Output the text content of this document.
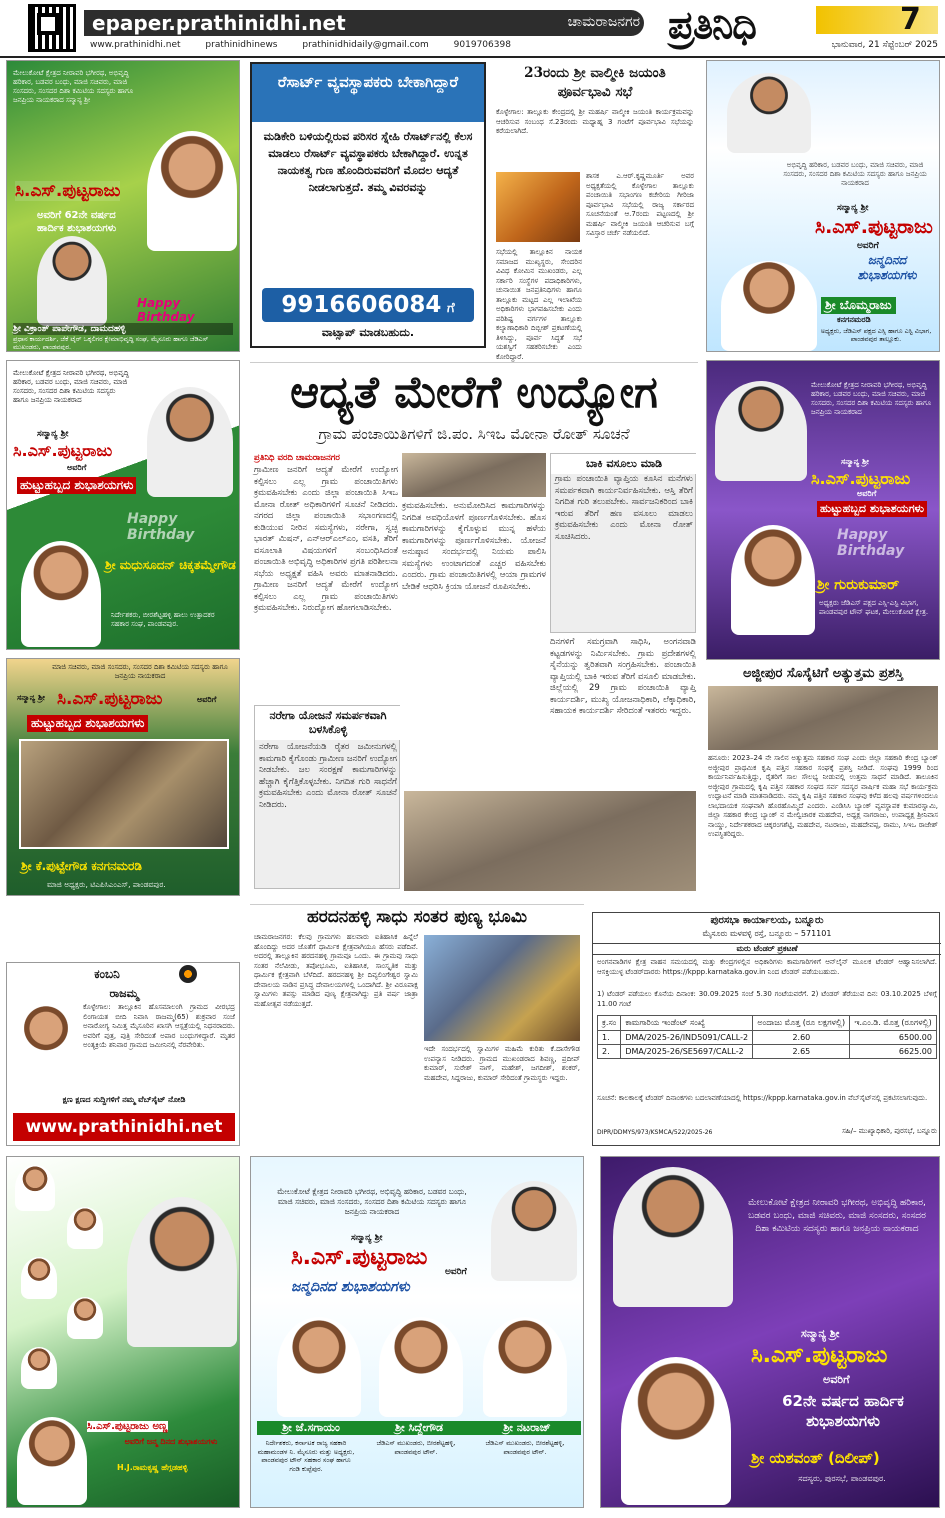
epaper.prathinidhi.net	ಚಾಮರಾಜನಗರ
www.prathinidhi.net	prathinidhinews	prathinidhidaily@gmail.com	9019706398	ಪ್ರತಿನಿಧಿ	7
ಭಾನುವಾರ, 21 ಸೆಪ್ಟೆಂಬರ್ 2025
ಮೇಲುಕೋಟೆ ಕ್ಷೇತ್ರದ ನೀರಾವರಿ ಭಗೀರಥ, ಅಭಿವೃದ್ಧಿ ಹರಿಕಾರ, ಬಡವರ ಬಂಧು, ಮಾಜಿ ಸಚಿವರು, ಮಾಜಿ ಸಂಸದರು, ಸಂಸದರ ದಿಶಾ ಕಮಿಟಿಯ ಸದಸ್ಯರು ಹಾಗೂ ಜನಪ್ರಿಯ ನಾಯಕರಾದ ಸನ್ಮಾನ್ಯ ಶ್ರೀ
ಸಿ.ಎಸ್.ಪುಟ್ಟರಾಜು
ಅವರಿಗೆ 62ನೇ ವರ್ಷದ ಹಾರ್ದಿಕ ಶುಭಾಶಯಗಳು
Happy Birthday
ಶ್ರೀ ವಿಕ್ರಾಂತ್ ಪಾಪೇಗೌಡ, ದಾಮದಹಳ್ಳಿ
ಪ್ರಧಾನ ಕಾರ್ಯದರ್ಶಿ, ಜೆಕೆ ಟೈರ್ ಒಕ್ಕಲಿಗರ ಕ್ಷೇಮಾಭಿವೃದ್ಧಿ ಸಂಘ, ಮೈಸೂರು ಹಾಗೂ ಜೆಡಿಎಸ್ ಮುಖಂಡರು, ಪಾಂಡವಪುರ.
ರೆಸಾರ್ಟ್ ವ್ಯವಸ್ಥಾಪಕರು ಬೇಕಾಗಿದ್ದಾರೆ
ಮಡಿಕೇರಿ ಬಳಿಯಲ್ಲಿರುವ ಪರಿಸರ ಸ್ನೇಹಿ ರೆಸಾರ್ಟ್‌ನಲ್ಲಿ ಕೆಲಸ ಮಾಡಲು ರೆಸಾರ್ಟ್ ವ್ಯವಸ್ಥಾಪಕರು ಬೇಕಾಗಿದ್ದಾರೆ. ಉನ್ನತ ನಾಯಕತ್ವ ಗುಣ ಹೊಂದಿರುವವರಿಗೆ ಮೊದಲ ಆದ್ಯತೆ ನೀಡಲಾಗುತ್ತದೆ. ತಮ್ಮ ವಿವರವನ್ನು
9916606084 ಗೆ
ವಾಟ್ಸಾಪ್ ಮಾಡಬಹುದು.
23ರಂದು ಶ್ರೀ ವಾಲ್ಮೀಕಿ ಜಯಂತಿ ಪೂರ್ವಭಾವಿ ಸಭೆ
ಕೊಳ್ಳೇಗಾಲ: ತಾಲ್ಲೂಕು ಕೇಂದ್ರದಲ್ಲಿ ಶ್ರೀ ಮಹರ್ಷಿ ವಾಲ್ಮೀಕಿ ಜಯಂತಿ ಕಾರ್ಯಕ್ರಮವನ್ನು ಆಚರಿಸುವ ಸಂಬಂಧ ಸೆ.23ರಂದು ಮಧ್ಯಾಹ್ನ 3 ಗಂಟೆಗೆ ಪೂರ್ವಭಾವಿ ಸಭೆಯನ್ನು ಕರೆಯಲಾಗಿದೆ.
ಶಾಸಕ ಎ.ಆರ್.ಕೃಷ್ಣಮೂರ್ತಿ ಅವರ ಅಧ್ಯಕ್ಷತೆಯಲ್ಲಿ ಕೊಳ್ಳೇಗಾಲ ತಾಲ್ಲೂಕು ಪಂಚಾಯಿತಿ ಸಭಾಂಗಣ ಕಚೇರಿಯ ಗೀರಿಜಾ ಪೂರ್ವಭಾವಿ ಸಭೆಯಲ್ಲಿ ರಾಜ್ಯ ಸರ್ಕಾರದ ಸೂಚನೆಯಂತೆ ಆ.7ರಂದು ಪಟ್ಟಣದಲ್ಲಿ ಶ್ರೀ ಮಹರ್ಷಿ ವಾಲ್ಮೀಕಿ ಜಯಂತಿ ಆಚರಿಸುವ ಬಗ್ಗೆ ಸವಿಸ್ತಾರ ಚರ್ಚೆ ನಡೆಯಲಿದೆ.
ಸಭೆಯಲ್ಲಿ ತಾಲ್ಲೂಕಿನ ನಾಯಕ ಸಮಾಜದ ಮುಖ್ಯಸ್ಥರು, ಸೇಂದರಿನ ವಿವಿಧ ಕೋಮಿನ ಮುಖಂಡರು, ಎಲ್ಲ ಸರ್ಕಾರಿ ಸಂಸ್ಥೆಗಳ ಪದಾಧಿಕಾರಿಗಳು, ಚುನಾಯಿತ ಜನಪ್ರತಿನಿಧಿಗಳು ಹಾಗೂ ತಾಲ್ಲೂಕು ಮಟ್ಟದ ಎಲ್ಲ ಇಲಾಖೆಯ ಅಧಿಕಾರಿಗಳು ಭಾಗವಹಿಸಬೇಕು ಎಂದು ಪರಿಶಿಷ್ಟ ವರ್ಗಗಳ ತಾಲ್ಲೂಕು ಕಲ್ಯಾಣಾಧಿಕಾರಿ ದಿಬ್ಬೀಶ್ ಪ್ರಕಟಣೆಯಲ್ಲಿ ತಿಳಿಸಿದ್ದು, ಪೂರ್ವ ಸಿದ್ಧತೆ ಸಭೆ ಯಶಸ್ವಿಗೆ ಸಹಕರಿಸಬೇಕು ಎಂದು ಕೋರಿದ್ದಾರೆ.
ಅಭಿವೃದ್ಧಿ ಹರಿಕಾರ, ಬಡವರ ಬಂಧು, ಮಾಜಿ ಸಚಿವರು, ಮಾಜಿ ಸಂಸದರು, ಸಂಸದರ ದಿಶಾ ಕಮಿಟಿಯ ಸದಸ್ಯರು ಹಾಗೂ ಜನಪ್ರಿಯ ನಾಯಕರಾದ
ಸನ್ಮಾನ್ಯ ಶ್ರೀ
ಸಿ.ಎಸ್.ಪುಟ್ಟರಾಜು
ಅವರಿಗೆ
ಜನ್ಮದಿನದ ಶುಭಾಶಯಗಳು
ಶ್ರೀ ಬೊಮ್ಮರಾಜು
ಕನಗನಮರಡಿ
ಅಧ್ಯಕ್ಷರು, ಜೆಡಿಎಸ್ ಪಕ್ಷದ ಎಸ್ಸಿ ಹಾಗೂ ಎಸ್ಟಿ ವಿಭಾಗ, ಪಾಂಡವಪುರ ತಾಲ್ಲೂಕು.
ಮೇಲುಕೋಟೆ ಕ್ಷೇತ್ರದ ನೀರಾವರಿ ಭಗೀರಥ, ಅಭಿವೃದ್ಧಿ ಹರಿಕಾರ, ಬಡವರ ಬಂಧು, ಮಾಜಿ ಸಚಿವರು, ಮಾಜಿ ಸಂಸದರು, ಸಂಸದರ ದಿಶಾ ಕಮಿಟಿಯ ಸದಸ್ಯರು ಹಾಗೂ ಜನಪ್ರಿಯ ನಾಯಕರಾದ
ಸನ್ಮಾನ್ಯ ಶ್ರೀ
ಸಿ.ಎಸ್.ಪುಟ್ಟರಾಜು
ಅವರಿಗೆ
ಹುಟ್ಟುಹಬ್ಬದ ಶುಭಾಶಯಗಳು
Happy Birthday
ಶ್ರೀ ಮಧುಸೂದನ್ ಚಿಕ್ಕತಮ್ಮೇಗೌಡ
ನಿರ್ದೇಶಕರು, ಬೀರಶೆಟ್ಟಹಳ್ಳಿ ಹಾಲು ಉತ್ಪಾದಕರ ಸಹಕಾರ ಸಂಘ, ಪಾಂಡವಪುರ.
ಆದ್ಯತೆ ಮೇರೆಗೆ ಉದ್ಯೋಗ
ಗ್ರಾಮ ಪಂಚಾಯಿತಿಗಳಿಗೆ ಜಿ.ಪಂ. ಸಿಇಒ ಮೋನಾ ರೋತ್ ಸೂಚನೆ
ಪ್ರತಿನಿಧಿ ವರದಿ ಚಾಮರಾಜನಗರ
ಗ್ರಾಮೀಣ ಜನರಿಗೆ ಆದ್ಯತೆ ಮೇರೆಗೆ ಉದ್ಯೋಗ ಕಲ್ಪಿಸಲು ಎಲ್ಲ ಗ್ರಾಮ ಪಂಚಾಯಿತಿಗಳು ಕ್ರಮವಹಿಸಬೇಕು ಎಂದು ಜಿಲ್ಲಾ ಪಂಚಾಯಿತಿ ಸಿಇಒ ಮೋನಾ ರೋತ್ ಅಧಿಕಾರಿಗಳಿಗೆ ಸೂಚನೆ ನೀಡಿದರು. ನಗರದ ಜಿಲ್ಲಾ ಪಂಚಾಯಿತಿ ಸಭಾಂಗಣದಲ್ಲಿ ಕುಡಿಯುವ ನೀರಿನ ಸಮಸ್ಯೆಗಳು, ನರೇಗಾ, ಸ್ವಚ್ಛ ಭಾರತ್ ಮಿಷನ್, ಎನ್‌ಆರ್‌ಎಲ್‌ಎಂ, ವಸತಿ, ತೆರಿಗೆ ವಸೂಲಾತಿ ವಿಷಯಗಳಿಗೆ ಸಂಬಂಧಿಸಿದಂತೆ ಪಂಚಾಯಿತಿ ಅಭಿವೃದ್ಧಿ ಅಧಿಕಾರಿಗಳ ಪ್ರಗತಿ ಪರಿಶೀಲನಾ ಸಭೆಯ ಅಧ್ಯಕ್ಷತೆ ವಹಿಸಿ ಅವರು ಮಾತನಾಡಿದರು. ಗ್ರಾಮೀಣ ಜನರಿಗೆ ಆದ್ಯತೆ ಮೇರೆಗೆ ಉದ್ಯೋಗ ಕಲ್ಪಿಸಲು ಎಲ್ಲ ಗ್ರಾಮ ಪಂಚಾಯಿತಿಗಳು ಕ್ರಮವಹಿಸಬೇಕು. ನಿರುದ್ಯೋಗ ಹೋಗಲಾಡಿಸಬೇಕು.
ಕ್ರಮವಹಿಸಬೇಕು. ಅನುಮೋದಿಸಿದ ಕಾಮಗಾರಿಗಳನ್ನು ನಿಗದಿತ ಅವಧಿಯೊಳಗೆ ಪೂರ್ಣಗೊಳಿಸಬೇಕು. ಹೊಸ ಕಾಮಗಾರಿಗಳನ್ನು ಕೈಗೊಳ್ಳುವ ಮುನ್ನ ಹಳೆಯ ಕಾಮಗಾರಿಗಳನ್ನು ಪೂರ್ಣಗೊಳಿಸಬೇಕು. ಯೋಜನೆ ಅನುಷ್ಠಾನ ಸಂದರ್ಭದಲ್ಲಿ ನಿಯಮ ಪಾಲಿಸಿ ಸಮಸ್ಯೆಗಳು ಉಂಟಾಗದಂತೆ ಎಚ್ಚರ ವಹಿಸಬೇಕು ಎಂದರು. ಗ್ರಾಮ ಪಂಚಾಯಿತಿಗಳಲ್ಲಿ ಆಯಾ ಗ್ರಾಮಗಳ ಬೇಡಿಕೆ ಆಧರಿಸಿ ಕ್ರಿಯಾ ಯೋಜನೆ ರೂಪಿಸಬೇಕು.
ಬಾಕಿ ವಸೂಲು ಮಾಡಿ
ಗ್ರಾಮ ಪಂಚಾಯಿತಿ ವ್ಯಾಪ್ತಿಯ ಕೂಸಿನ ಮನೆಗಳು ಸಮರ್ಪಕವಾಗಿ ಕಾರ್ಯನಿರ್ವಹಿಸಬೇಕು. ಆಸ್ತಿ ತೆರಿಗೆ ನಿಗದಿತ ಗುರಿ ತಲುಪಬೇಕು. ಸಾರ್ವಜನಿಕರಿಂದ ಬಾಕಿ ಇರುವ ತೆರಿಗೆ ಹಣ ವಸೂಲು ಮಾಡಲು ಕ್ರಮವಹಿಸಬೇಕು ಎಂದು ಮೋನಾ ರೋತ್ ಸೂಚಿಸಿದರು.
ದಿನಗಳಿಗೆ ಸಮಗ್ರವಾಗಿ ಸಾಧಿಸಿ, ಅಂಗನವಾಡಿ ಕಟ್ಟಡಗಳನ್ನು ನಿರ್ಮಿಸಬೇಕು. ಗ್ರಾಮ ಪ್ರದೇಶಗಳಲ್ಲಿ ಸೈನೆಯನ್ನು ತ್ವರಿತವಾಗಿ ಸಂಗ್ರಹಿಸಬೇಕು. ಪಂಚಾಯಿತಿ ವ್ಯಾಪ್ತಿಯಲ್ಲಿ ಬಾಕಿ ಇರುವ ತೆರಿಗೆ ವಸೂಲಿ ಮಾಡಬೇಕು. ಜಿಲ್ಲೆಯಲ್ಲಿ 29 ಗ್ರಾಮ ಪಂಚಾಯಿತಿ ವ್ಯಾಪ್ತಿ ಕಾರ್ಯದರ್ಶಿ, ಮುಖ್ಯ ಯೋಜನಾಧಿಕಾರಿ, ಲೆಕ್ಕಾಧಿಕಾರಿ, ಸಹಾಯಕ ಕಾರ್ಯದರ್ಶಿ ಸೇರಿದಂತೆ ಇತರರು ಇದ್ದರು.
ನರೇಗಾ ಯೋಜನೆ ಸಮರ್ಪಕವಾಗಿ ಬಳಸಿಕೊಳ್ಳಿ
ನರೇಗಾ ಯೋಜನೆಯಡಿ ರೈತರ ಜಮೀನುಗಳಲ್ಲಿ ಕಾಮಗಾರಿ ಕೈಗೊಂಡು ಗ್ರಾಮೀಣ ಜನರಿಗೆ ಉದ್ಯೋಗ ನೀಡಬೇಕು. ಜಲ ಸಂರಕ್ಷಣೆ ಕಾಮಗಾರಿಗಳನ್ನು ಹೆಚ್ಚಾಗಿ ಕೈಗೆತ್ತಿಕೊಳ್ಳಬೇಕು. ನಿಗದಿತ ಗುರಿ ಸಾಧನೆಗೆ ಕ್ರಮವಹಿಸಬೇಕು ಎಂದು ಮೋನಾ ರೋತ್ ಸೂಚನೆ ನೀಡಿದರು.
ಮೇಲುಕೋಟೆ ಕ್ಷೇತ್ರದ ನೀರಾವರಿ ಭಗೀರಥ, ಅಭಿವೃದ್ಧಿ ಹರಿಕಾರ, ಬಡವರ ಬಂಧು, ಮಾಜಿ ಸಚಿವರು, ಮಾಜಿ ಸಂಸದರು, ಸಂಸದರ ದಿಶಾ ಕಮಿಟಿಯ ಸದಸ್ಯರು ಹಾಗೂ ಜನಪ್ರಿಯ ನಾಯಕರಾದ
ಸನ್ಮಾನ್ಯ ಶ್ರೀ
ಸಿ.ಎಸ್.ಪುಟ್ಟರಾಜು
ಅವರಿಗೆ
ಹುಟ್ಟುಹಬ್ಬದ ಶುಭಾಶಯಗಳು
Happy Birthday
ಶ್ರೀ ಗುರುಕುಮಾರ್
ಅಧ್ಯಕ್ಷರು ಜೆಡಿಎಸ್ ಪಕ್ಷದ ಎಸ್ಸಿ-ಎಸ್ಟಿ ವಿಭಾಗ, ಪಾಂಡವಪುರ ಟೌನ್ ಘಟಕ, ಮೇಲುಕೋಟೆ ಕ್ಷೇತ್ರ.
ಮಾಜಿ ಸಚಿವರು, ಮಾಜಿ ಸಂಸದರು, ಸಂಸದರ ದಿಶಾ ಕಮಿಟಿಯ ಸದಸ್ಯರು ಹಾಗೂ ಜನಪ್ರಿಯ ನಾಯಕರಾದ
ಸನ್ಮಾನ್ಯ ಶ್ರೀ ಸಿ.ಎಸ್.ಪುಟ್ಟರಾಜು	ಅವರಿಗೆ
ಹುಟ್ಟುಹಬ್ಬದ ಶುಭಾಶಯಗಳು
ಶ್ರೀ ಕೆ.ಪುಟ್ಟೇಗೌಡ ಕನಗನಮರಡಿ
ಮಾಜಿ ಅಧ್ಯಕ್ಷರು, ಟಿಎಪಿಸಿಎಂಎಸ್, ಪಾಂಡವಪುರ.
ಅಜ್ಜೀಪುರ ಸೊಸೈಟಿಗೆ ಅತ್ಯುತ್ತಮ ಪ್ರಶಸ್ತಿ
ಹನೂರು: 2023–24 ನೇ ಸಾಲಿನ ಅತ್ಯುತ್ತಮ ಸಹಕಾರ ಸಂಘ ಎಂದು ಜಿಲ್ಲಾ ಸಹಕಾರಿ ಕೇಂದ್ರ ಬ್ಯಾಂಕ್ ಅಜ್ಜೀಪುರ ಪ್ರಾಥಮಿಕ ಕೃಷಿ ಪತ್ತಿನ ಸಹಕಾರ ಸಂಘಕ್ಕೆ ಪ್ರಶಸ್ತಿ ನೀಡಿದೆ. ಸಂಘವು 1999 ರಿಂದ ಕಾರ್ಯನಿರ್ವಹಿಸುತ್ತಿದ್ದು, ರೈತರಿಗೆ ಸಾಲ ಸೌಲಭ್ಯ ನೀಡುವಲ್ಲಿ ಉತ್ತಮ ಸಾಧನೆ ಮಾಡಿದೆ. ತಾಲೂಕಿನ ಅಜ್ಜೀಪುರ ಗ್ರಾಮದಲ್ಲಿ ಕೃಷಿ ಪತ್ತಿನ ಸಹಕಾರ ಸಂಘದ ಸರ್ವ ಸದಸ್ಯರ ವಾರ್ಷಿಕ ಮಹಾ ಸಭೆ ಕಾರ್ಯಕ್ರಮ ಉದ್ಘಾಟನೆ ಮಾಡಿ ಮಾತನಾಡಿದರು. ನಮ್ಮ ಕೃಷಿ ಪತ್ತಿನ ಸಹಕಾರ ಸಂಘವು ಕಳೆದ ಹಲವು ವರ್ಷಗಳಿಂದಲೂ ಲಾಭದಾಯಕ ಸಂಘವಾಗಿ ಹೊರಹೊಮ್ಮಿದೆ ಎಂದರು. ಎಂಡಿಸಿಸಿ ಬ್ಯಾಂಕ್ ವ್ಯವಸ್ಥಾಪಕ ಕುಮಾರಸ್ವಾಮಿ, ಜಿಲ್ಲಾ ಸಹಕಾರ ಕೇಂದ್ರ ಬ್ಯಾಂಕ್ ನ ಮೇಲ್ವಿಚಾರಕ ಮಹದೇವ, ಅಧ್ಯಕ್ಷ ನಾಗರಾಜು, ಉಪಾಧ್ಯಕ್ಷ ಶ್ರೀನಿವಾಸ ನಾಯ್ಡು, ನಿರ್ದೇಶಕರಾದ ಚಿಕ್ಕರಂಗಶೆಟ್ಟಿ, ಮಹದೇವ, ನಟರಾಜು, ಮಹದೇವಪ್ಪ, ರಾಮು, ಸಿಇಒ ರಾಜೇಶ್ ಉಪಸ್ಥಿತರಿದ್ದರು.
ಹರದನಹಳ್ಳಿ ಸಾಧು ಸಂತರ ಪುಣ್ಯ ಭೂಮಿ
ಚಾಮರಾಜನಗರ: ಕೆಲವು ಗ್ರಾಮಗಳು ಹಲವಾರು ಐತಿಹಾಸಿಕ ಹಿನ್ನೆಲೆ ಹೊಂದಿದ್ದು ಅದರ ಜೊತೆಗೆ ಧಾರ್ಮಿಕ ಕ್ಷೇತ್ರವಾಗಿಯೂ ಹೆಸರು ಪಡೆದಿವೆ. ಅದರಲ್ಲಿ ತಾಲ್ಲೂಕಿನ ಹರದನಹಳ್ಳಿ ಗ್ರಾಮವೂ ಒಂದು. ಈ ಗ್ರಾಮವು ಸಾಧು ಸಂತರ ನೆಲೆವೀಡು, ತಪೋಭೂಮಿ, ಐತಿಹಾಸಿಕ, ಸಾಂಸ್ಕೃತಿಕ ಮತ್ತು ಧಾರ್ಮಿಕ ಕ್ಷೇತ್ರವಾಗಿ ಬೆಳೆದಿದೆ. ಹರದನಹಳ್ಳಿ ಶ್ರೀ ದಿವ್ಯಲಿಂಗೇಶ್ವರ ಸ್ವಾಮಿ ದೇವಾಲಯ ನಾಡಿನ ಪ್ರಸಿದ್ಧ ದೇವಾಲಯಗಳಲ್ಲಿ ಒಂದಾಗಿದೆ. ಶ್ರೀ ವಿರೂಪಾಕ್ಷ ಸ್ವಾಮಿಗಳು ತಪಸ್ಸು ಮಾಡಿದ ಪುಣ್ಯ ಕ್ಷೇತ್ರವಾಗಿದ್ದು ಪ್ರತಿ ವರ್ಷ ಜಾತ್ರಾ ಮಹೋತ್ಸವ ನಡೆಯುತ್ತದೆ.
ಇದೇ ಸಂದರ್ಭದಲ್ಲಿ ಸ್ವಾಮಿಗಳ ಮಹಿಮೆ ಕುರಿತು ಕೆ.ದಾಸೇಗೌಡ ಉಪನ್ಯಾಸ ನೀಡಿದರು. ಗ್ರಾಮದ ಮುಖಂಡರಾದ ಶಿವಣ್ಣ, ಪ್ರದೀಪ್ ಕುಮಾರ್, ಸುರೇಶ್ ನಾಗ್, ಮಹೇಶ್, ಜಗದೀಶ್, ಶಂಕರ್, ಮಹದೇವ, ಸಿದ್ದರಾಜು, ಕುಮಾರ್ ಸೇರಿದಂತೆ ಗ್ರಾಮಸ್ಥರು ಇದ್ದರು.
ಕಂಬನಿ
ರಾಜಮ್ಮ
ಕೊಳ್ಳೇಗಾಲ: ತಾಲ್ಲೂಕಿನ ಹೊಸಮಾಲಂಗಿ ಗ್ರಾಮದ ವೀರಭದ್ರ ಲಿಂಗಾಯತ ಬೀದಿ ನಿವಾಸಿ ರಾಜಮ್ಮ(65) ಶುಕ್ರವಾರ ಸಂಜೆ ಅನಾರೋಗ್ಯ ನಿಮಿತ್ತ ಮೈಸೂರಿನ ಖಾಸಗಿ ಆಸ್ಪತ್ರೆಯಲ್ಲಿ ನಿಧನರಾದರು. ಅವರಿಗೆ ಪುತ್ರ, ಪುತ್ರಿ ಸೇರಿದಂತೆ ಅಪಾರ ಬಂಧುಗಳಿದ್ದಾರೆ. ಮೃತರ ಅಂತ್ಯಕ್ರಿಯೆ ಶನಿವಾರ ಗ್ರಾಮದ ಜಮೀನಿನಲ್ಲಿ ನೆರವೇರಿತು.
ಕ್ಷಣ ಕ್ಷಣದ ಸುದ್ದಿಗಳಿಗೆ ನಮ್ಮ ವೆಬ್‌ಸೈಟ್ ನೋಡಿ
www.prathinidhi.net
ಪುರಸಭಾ ಕಾರ್ಯಾಲಯ, ಬನ್ನೂರು
ಮೈಸೂರು ಮಳವಳ್ಳಿ ರಸ್ತೆ, ಬನ್ನೂರು – 571101
ಮರು ಟೆಂಡರ್ ಪ್ರಕಟಣೆ
ಅಂಗನವಾಡಿಗಳ ಕ್ಷೇತ್ರ ವಾಹನ ಸಮಯದಲ್ಲಿ ಮತ್ತು ಕೇಂದ್ರಗಳಲ್ಲಿನ ಅಧಿಕಾರಿಗಳು ಕಾಮಗಾರಿಗಳಿಗೆ ಆನ್‌ಲೈನ್ ಮೂಲಕ ಟೆಂಡರ್ ಆಹ್ವಾನಿಸಲಾಗಿದೆ. ಆಸಕ್ತಿಯುಳ್ಳ ಟೆಂಡರ್‌ದಾರರು https://kppp.karnataka.gov.in ನಿಂದ ಟೆಂಡರ್ ಪಡೆಯಬಹುದು.
1) ಟೆಂಡರ್ ಪಡೆಯಲು ಕೊನೆಯ ದಿನಾಂಕ: 30.09.2025 ಸಂಜೆ 5.30 ಗಂಟೆಯವರೆಗೆ. 2) ಟೆಂಡರ್ ತೆರೆಯುವ ದಿನ: 03.10.2025 ಬೆಳಿಗ್ಗೆ 11.00 ಗಂಟೆ
ಕ್ರ.ಸಂ	ಕಾಮಗಾರಿಯ ಇಂಡೆಂಟ್ ಸಂಖ್ಯೆ	ಅಂದಾಜು ಮೊತ್ತ (ರೂ ಲಕ್ಷಗಳಲ್ಲಿ)	ಇ.ಎಂ.ಡಿ. ಮೊತ್ತ (ರೂಗಳಲ್ಲಿ)
1.	DMA/2025-26/IND5091/CALL-2	2.60	6500.00
2.	DMA/2025-26/SE5697/CALL-2	2.65	6625.00
ಸೂಚನೆ: ಕಾಲಕಾಲಕ್ಕೆ ಟೆಂಡರ್ ದಿನಾಂಕಗಳು ಬದಲಾವಣೆಯಾದಲ್ಲಿ https://kppp.karnataka.gov.in ವೆಬ್‌ಸೈಟ್‌ನಲ್ಲಿ ಪ್ರಕಟಿಸಲಾಗುವುದು.
DIPR/DDMYS/973/KSMCA/522/2025-26	ಸಹಿ/– ಮುಖ್ಯಾಧಿಕಾರಿ, ಪುರಸಭೆ, ಬನ್ನೂರು
ಸಿ.ಎಸ್.ಪುಟ್ಟರಾಜು ಅಣ್ಣ
ಅವರಿಗೆ ಜನ್ಮ ದಿನದ ಶುಭಾಶಯಗಳು
H.J.ರಾಮಕೃಷ್ಣ ಹೆಗ್ಗಡಹಳ್ಳಿ
ಮೇಲುಕೋಟೆ ಕ್ಷೇತ್ರದ ನೀರಾವರಿ ಭಗೀರಥ, ಅಭಿವೃದ್ಧಿ ಹರಿಕಾರ, ಬಡವರ ಬಂಧು, ಮಾಜಿ ಸಚಿವರು, ಮಾಜಿ ಸಂಸದರು, ಸಂಸದರ ದಿಶಾ ಕಮಿಟಿಯ ಸದಸ್ಯರು ಹಾಗೂ ಜನಪ್ರಿಯ ನಾಯಕರಾದ
ಸನ್ಮಾನ್ಯ ಶ್ರೀ
ಸಿ.ಎಸ್.ಪುಟ್ಟರಾಜು
ಅವರಿಗೆ
ಜನ್ಮದಿನದ ಶುಭಾಶಯಗಳು
ಶ್ರೀ ಜೆ.ಸಗಾಯಂ	ಶ್ರೀ ಸಿದ್ದೇಗೌಡ	ಶ್ರೀ ನಟರಾಜ್
ನಿರ್ದೇಶಕರು, ಕರ್ನಾಟಕ ರಾಜ್ಯ ಸಹಕಾರಿ ಮಹಾಮಂಡಳ ನಿ. ಮೈಸೂರು ಮತ್ತು ಅಧ್ಯಕ್ಷರು, ಪಾಂಡವಪುರ ಟೌನ್ ಸಹಕಾರ ಸಂಘ ಹಾಗೂ ಗಂಡಿ ಕುಪ್ಪೆಪುರ.
ಜೆಡಿಎಸ್ ಮುಖಂಡರು, ಬೀರಶೆಟ್ಟಹಳ್ಳಿ, ಪಾಂಡವಪುರ ಟೌನ್.
ಜೆಡಿಎಸ್ ಮುಖಂಡರು, ಬೀರಶೆಟ್ಟಹಳ್ಳಿ, ಪಾಂಡವಪುರ ಟೌನ್.
ಮೇಲುಕೋಟೆ ಕ್ಷೇತ್ರದ ನೀರಾವರಿ ಭಗೀರಥ, ಅಭಿವೃದ್ಧಿ ಹರಿಕಾರ, ಬಡವರ ಬಂಧು, ಮಾಜಿ ಸಚಿವರು, ಮಾಜಿ ಸಂಸದರು, ಸಂಸದರ ದಿಶಾ ಕಮಿಟಿಯ ಸದಸ್ಯರು ಹಾಗೂ ಜನಪ್ರಿಯ ನಾಯಕರಾದ
ಸನ್ಮಾನ್ಯ ಶ್ರೀ
ಸಿ.ಎಸ್.ಪುಟ್ಟರಾಜು
ಅವರಿಗೆ
62ನೇ ವರ್ಷದ ಹಾರ್ದಿಕ ಶುಭಾಶಯಗಳು
ಶ್ರೀ ಯಶವಂತ್ (ದಿಲೀಪ್)
ಸದಸ್ಯರು, ಪುರಸಭೆ, ಪಾಂಡವಪುರ.
